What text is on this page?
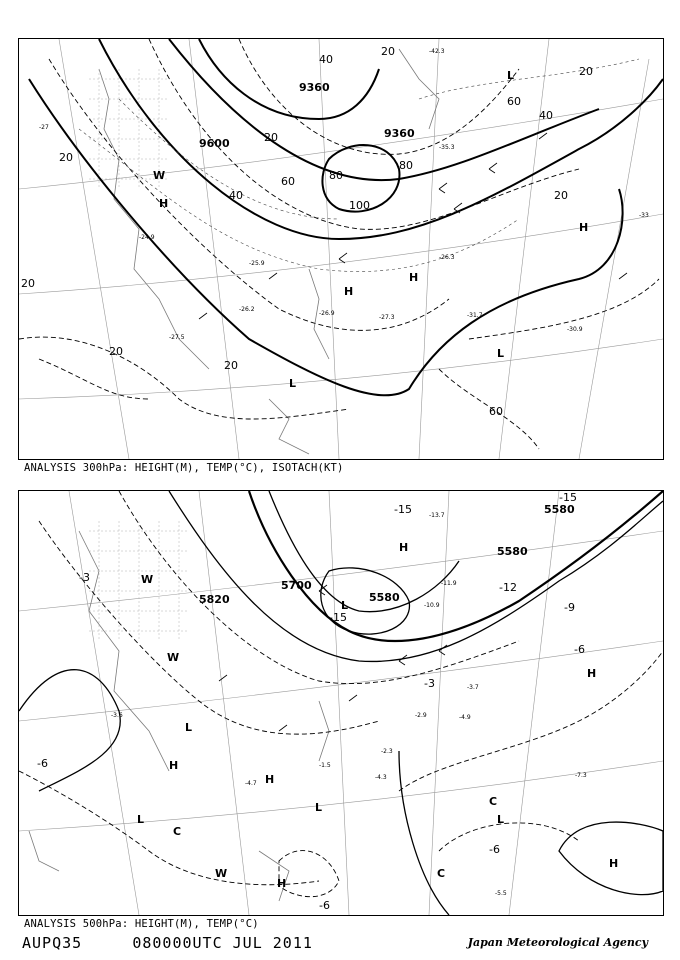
9360
9600
9360
20
40
60	80
100
80
60
40
20
20
20
20
20
20
20
40
60
H
H
H
H
L
L
L
W
-27
-35.3
-42.3
-26.3
-27.3	-31.7
-30.9
-25.9
-26.2
-27.5
-24.9
-26.9
-33
ANALYSIS 300hPa: HEIGHT(M), TEMP(°C), ISOTACH(KT)
5700
5820	5580
5580
5580
-15
-15
-12
-9
-6
-3
-3
-6
-6
-6
-15
H
H
H
H
H
H
L
L
L
L
L
C
C
C
W
W
W
-13.7
-10.9
-11.9
-3.7
-4.9
-7.3
-5.5
-2.3
-4.3
-1.5
-2.9
-4.7
-3.6
ANALYSIS 500hPa: HEIGHT(M), TEMP(°C)
AUPQ35	080000UTC JUL 2011	Japan Meteorological Agency
